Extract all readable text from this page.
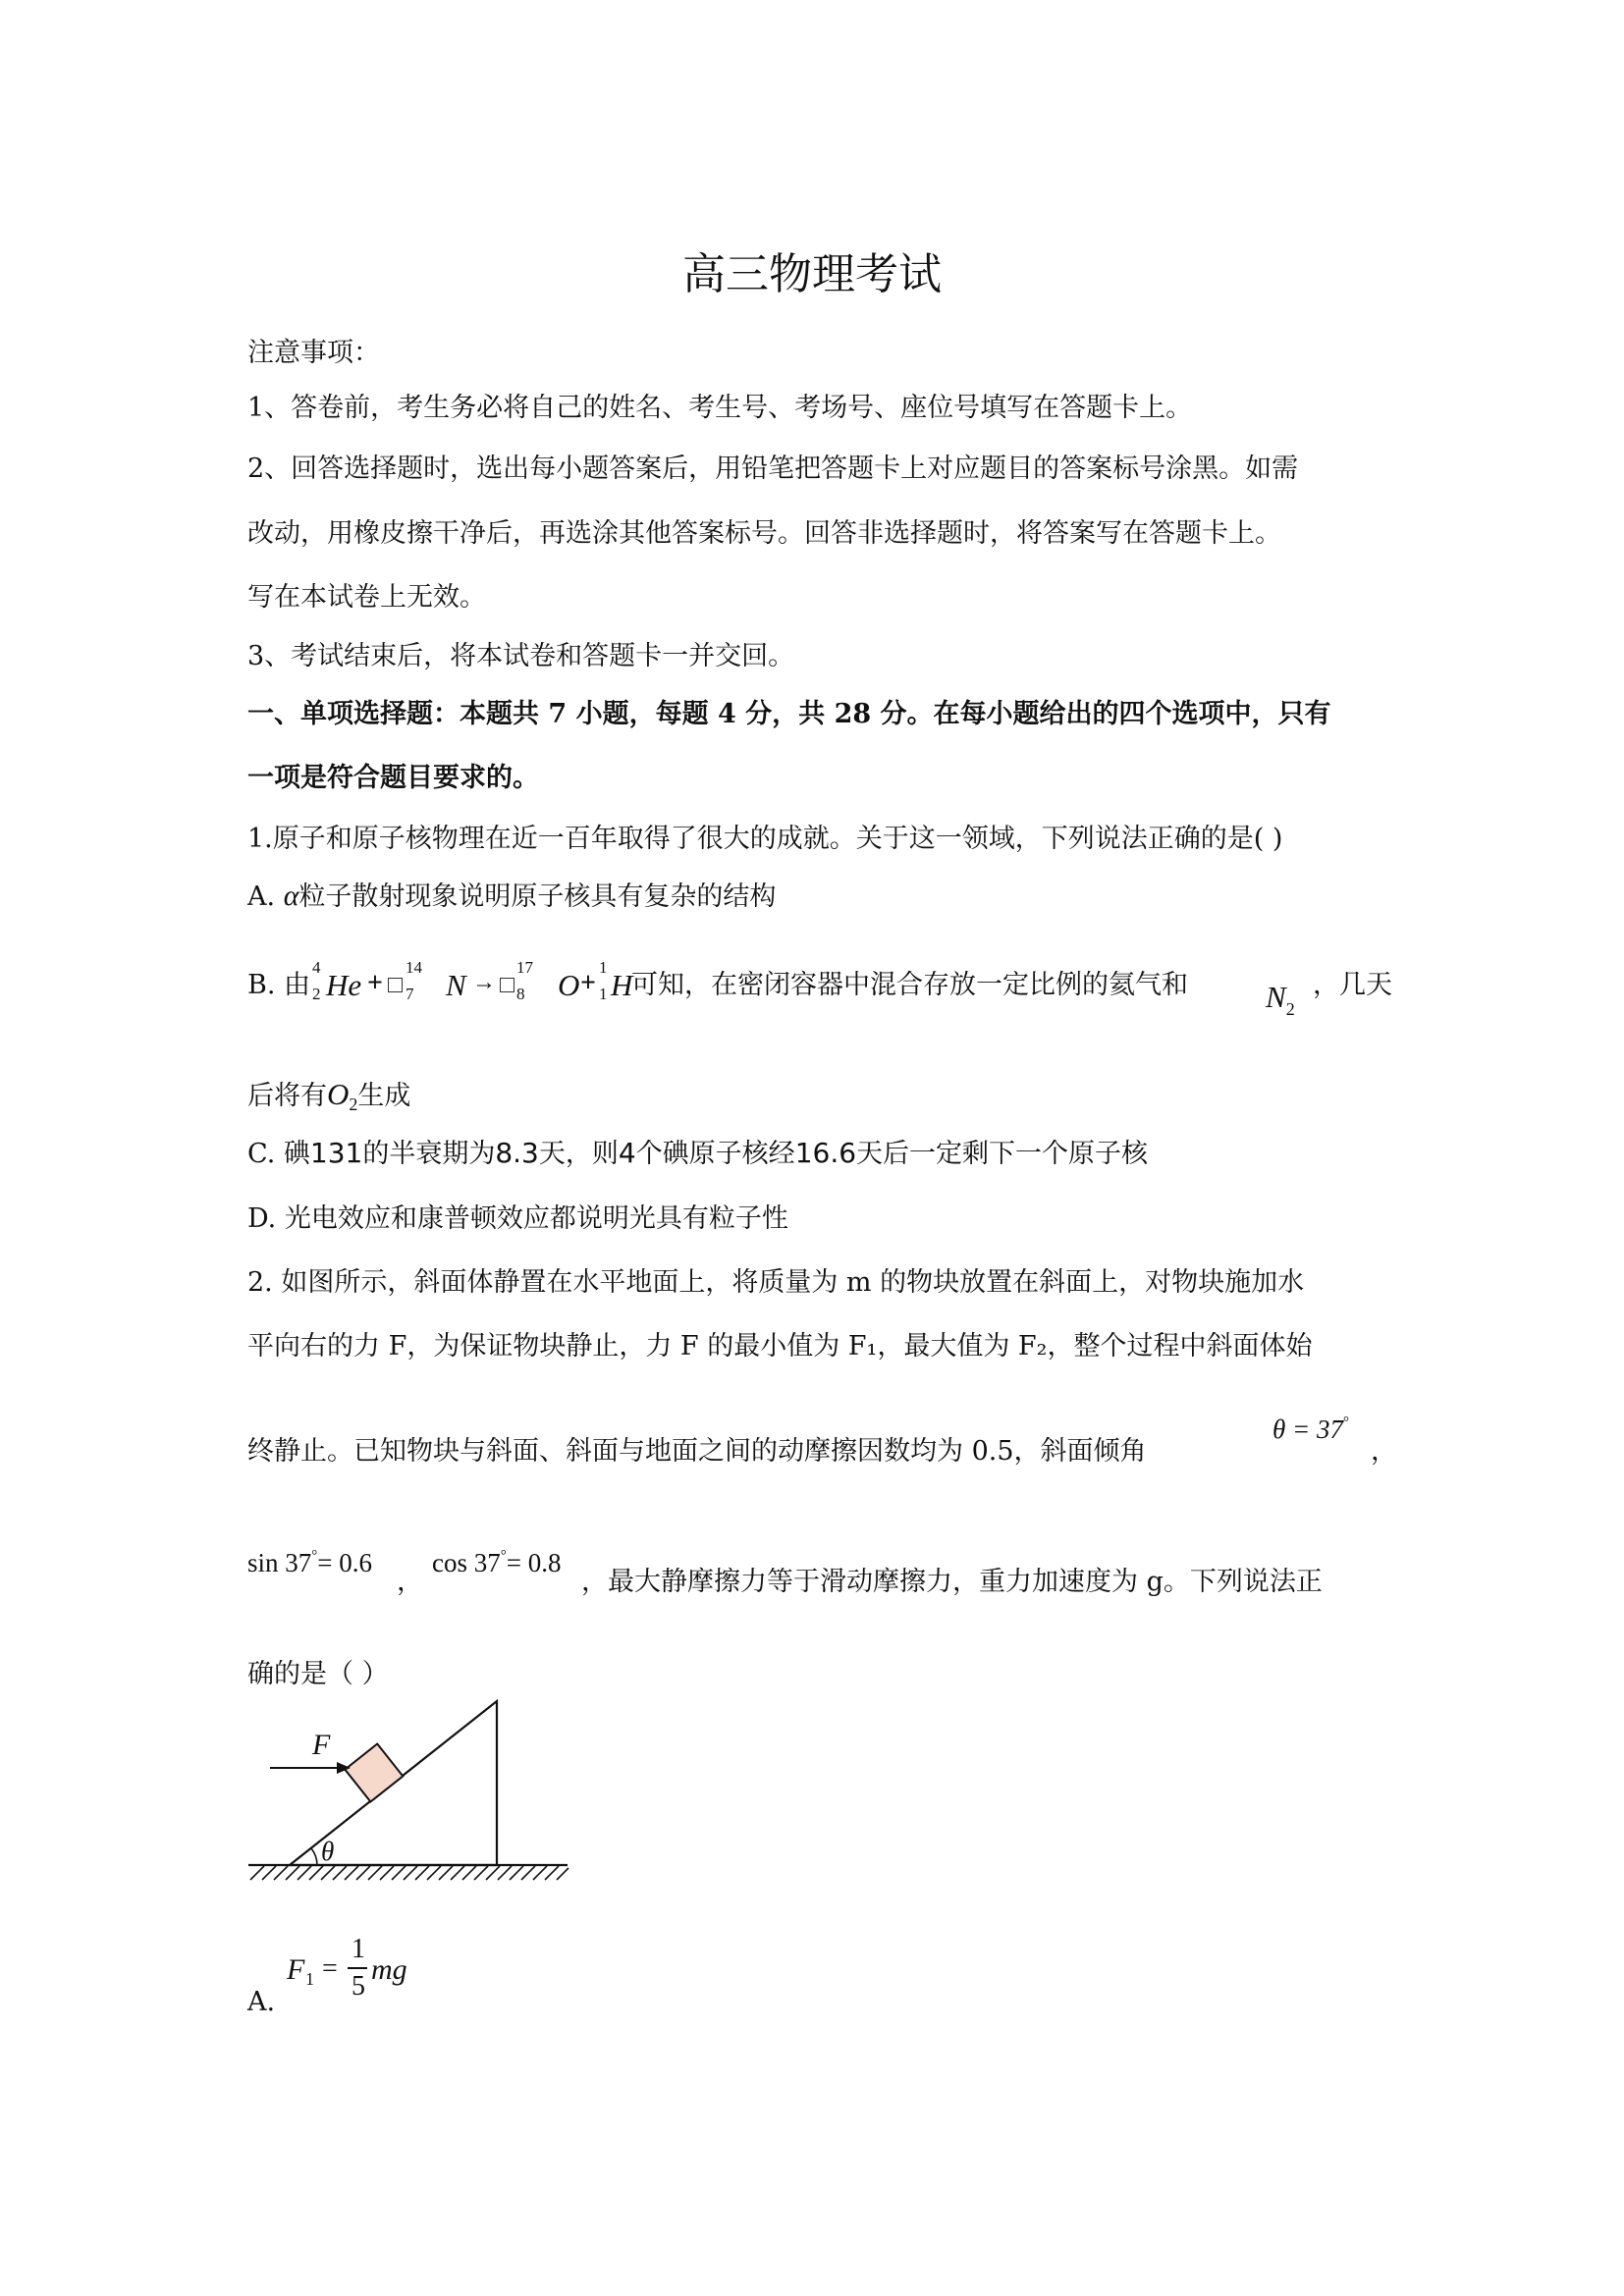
高三物理考试
注意事项：
1、答卷前，考生务必将自己的姓名、考生号、考场号、座位号填写在答题卡上。
2、回答选择题时，选出每小题答案后，用铅笔把答题卡上对应题目的答案标号涂黑。如需
改动，用橡皮擦干净后，再选涂其他答案标号。回答非选择题时，将答案写在答题卡上。
写在本试卷上无效。
3、考试结束后，将本试卷和答题卡一并交回。
一、单项选择题：本题共 7 小题，每题 4 分，共 28 分。在每小题给出的四个选项中，只有
一项是符合题目要求的。
1.原子和原子核物理在近一百年取得了很大的成就。关于这一领域，下列说法正确的是( )
A. α粒子散射现象说明原子核具有复杂的结构
B. 由
4
2 He +
14
7 N →
17
8 O +
1
1 H
可知，在密闭容器中混合存放一定比例的氦气和	N2
，几天
后将有$O_2$生成
C. 碘131的半衰期为8.3天，则4个碘原子核经16.6天后一定剩下一个原子核
D. 光电效应和康普顿效应都说明光具有粒子性
2. 如图所示，斜面体静置在水平地面上，将质量为 m 的物块放置在斜面上，对物块施加水
平向右的力 F，为保证物块静止，力 F 的最小值为 F₁，最大值为 F₂，整个过程中斜面体始
终静止。已知物块与斜面、斜面与地面之间的动摩擦因数均为 0.5，斜面倾角
θ = 37°
，
sin 37°= 0.6
，
cos 37°= 0.8
，最大静摩擦力等于滑动摩擦力，重力加速度为 g。下列说法正
确的是（ ）
F
θ
A.
F 1 =
1
5
mg
